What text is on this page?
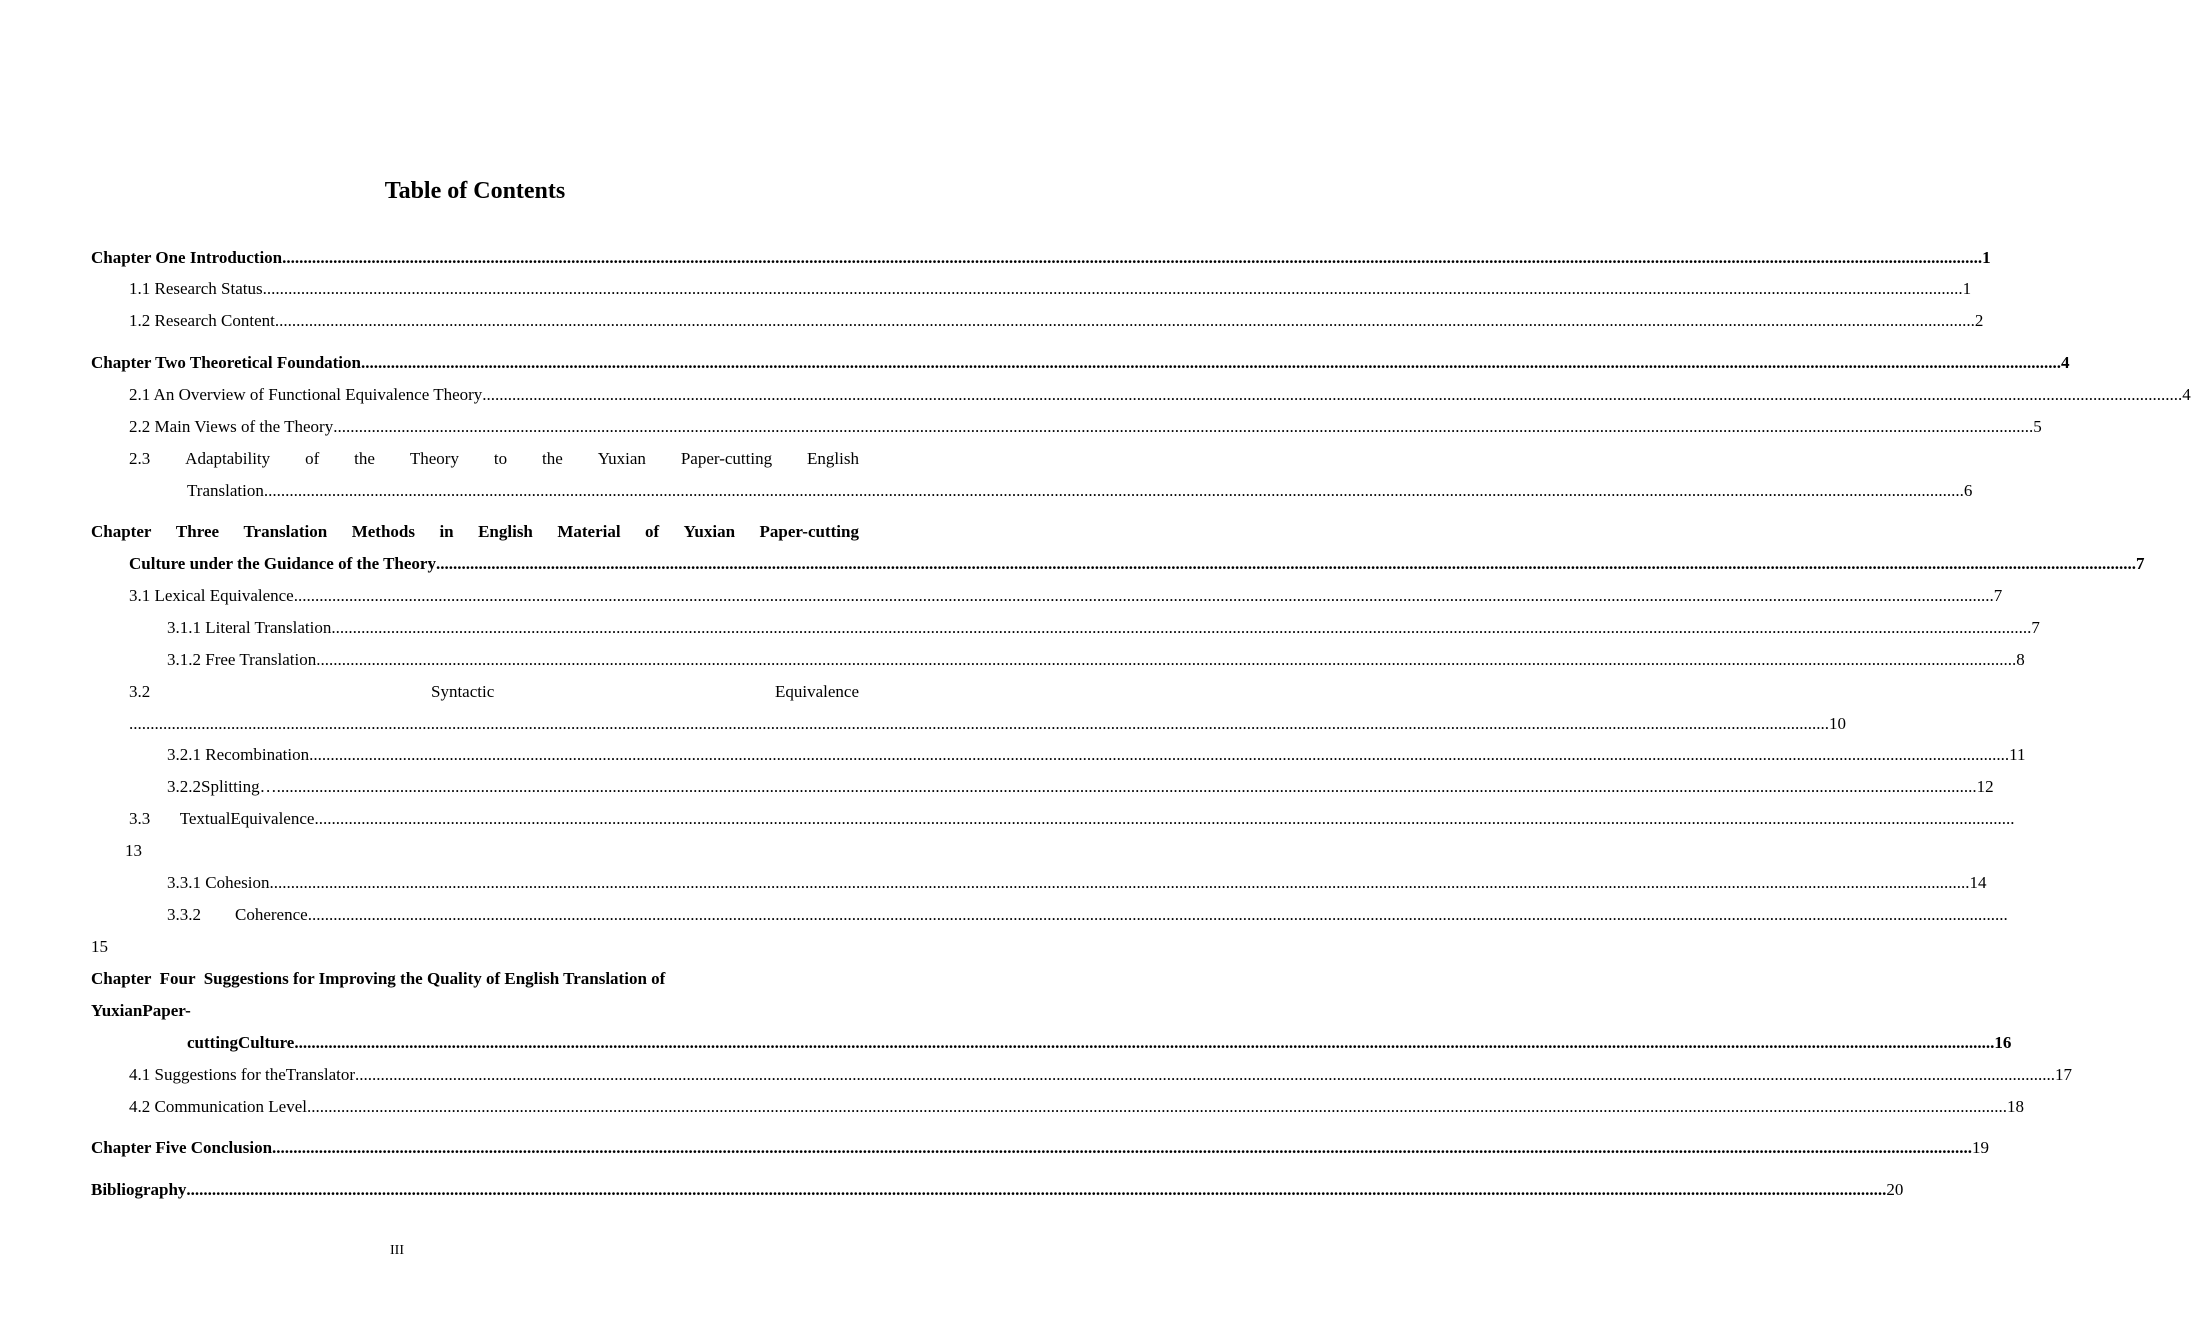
Table of Contents
Chapter One Introduction ................................................................................................................................................................................................................................................................................................................................................................................................................ 1
1.1 Research Status ................................................................................................................................................................................................................................................................................................................................................................................................................ 1
1.2 Research Content ................................................................................................................................................................................................................................................................................................................................................................................................................ 2
Chapter Two Theoretical Foundation ................................................................................................................................................................................................................................................................................................................................................................................................................ 4
2.1 An Overview of Functional Equivalence Theory ................................................................................................................................................................................................................................................................................................................................................................................................................ 4
2.2 Main Views of the Theory ................................................................................................................................................................................................................................................................................................................................................................................................................ 5
2.3 Adaptability of the Theory to the Yuxian Paper-cutting English
Translation ................................................................................................................................................................................................................................................................................................................................................................................................................ 6
Chapter Three Translation Methods in English Material of Yuxian Paper-cutting
Culture under the Guidance of the Theory ................................................................................................................................................................................................................................................................................................................................................................................................................ 7
3.1 Lexical Equivalence ................................................................................................................................................................................................................................................................................................................................................................................................................ 7
3.1.1 Literal Translation ................................................................................................................................................................................................................................................................................................................................................................................................................ 7
3.1.2 Free Translation ................................................................................................................................................................................................................................................................................................................................................................................................................ 8
3.2	Syntactic	Equivalence
................................................................................................................................................................................................................................................................................................................................................................................................................ 10
3.2.1 Recombination ................................................................................................................................................................................................................................................................................................................................................................................................................ 11
3.2.2Splitting… ................................................................................................................................................................................................................................................................................................................................................................................................................ 12
3.3       TextualEquivalence ................................................................................................................................................................................................................................................................................................................................................................................................................
13
3.3.1 Cohesion ................................................................................................................................................................................................................................................................................................................................................................................................................ 14
3.3.2        Coherence ................................................................................................................................................................................................................................................................................................................................................................................................................
15
Chapter  Four  Suggestions for Improving the Quality of English Translation of
YuxianPaper-
cuttingCulture ................................................................................................................................................................................................................................................................................................................................................................................................................ 16
4.1 Suggestions for theTranslator ................................................................................................................................................................................................................................................................................................................................................................................................................ 17
4.2 Communication Level ................................................................................................................................................................................................................................................................................................................................................................................................................ 18
Chapter Five Conclusion ................................................................................................................................................................................................................................................................................................................................................................................................................ 19
Bibliography ................................................................................................................................................................................................................................................................................................................................................................................................................ 20
III
